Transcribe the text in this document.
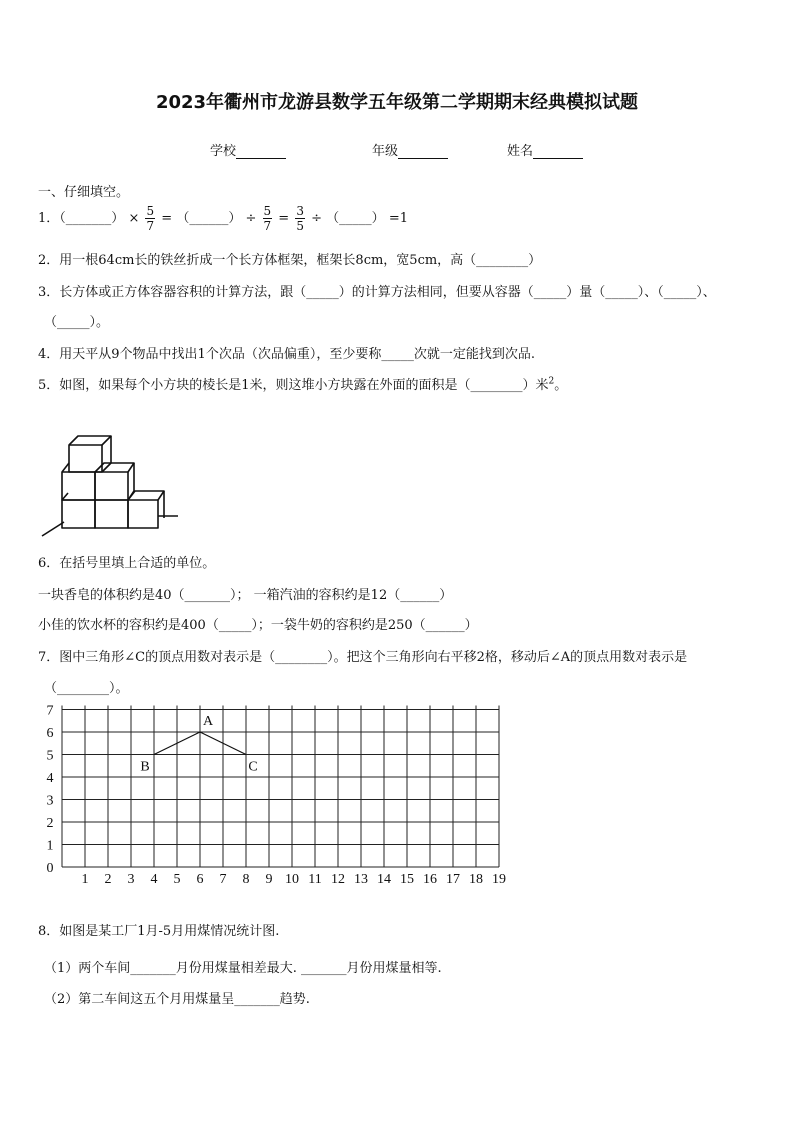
2023年衢州市龙游县数学五年级第二学期期末经典模拟试题
学校	年级	姓名
一、仔细填空。
1．（_______） × $\frac{5}{7}$ = （______） ÷ $\frac{5}{7} = \frac{3}{5}$ ÷ （_____） =1
2．用一根64cm长的铁丝折成一个长方体框架，框架长8cm，宽5cm，高（________）
3．长方体或正方体容器容积的计算方法，跟（_____）的计算方法相同，但要从容器（_____）量（_____）、（_____）、
（_____）。
4．用天平从9个物品中找出1个次品（次品偏重），至少要称_____次就一定能找到次品.
5．如图，如果每个小方块的棱长是1米，则这堆小方块露在外面的面积是（________）米$^2$。
6．在括号里填上合适的单位。
一块香皂的体积约是40（_______）； 一箱汽油的容积约是12（______）
小佳的饮水杯的容积约是400（_____）；一袋牛奶的容积约是250（______）
7．图中三角形∠C的顶点用数对表示是（________）。把这个三角形向右平移2格，移动后∠A的顶点用数对表示是
（________）。
1 2 3 4 5 6 7 8 9 10 11 12 13 14 15 16 17 18 19
0
1
2
3
4
5
6
7
A
B	C
8．如图是某工厂1月-5月用煤情况统计图.
（1）两个车间_______月份用煤量相差最大. _______月份用煤量相等.
（2）第二车间这五个月用煤量呈_______趋势.
